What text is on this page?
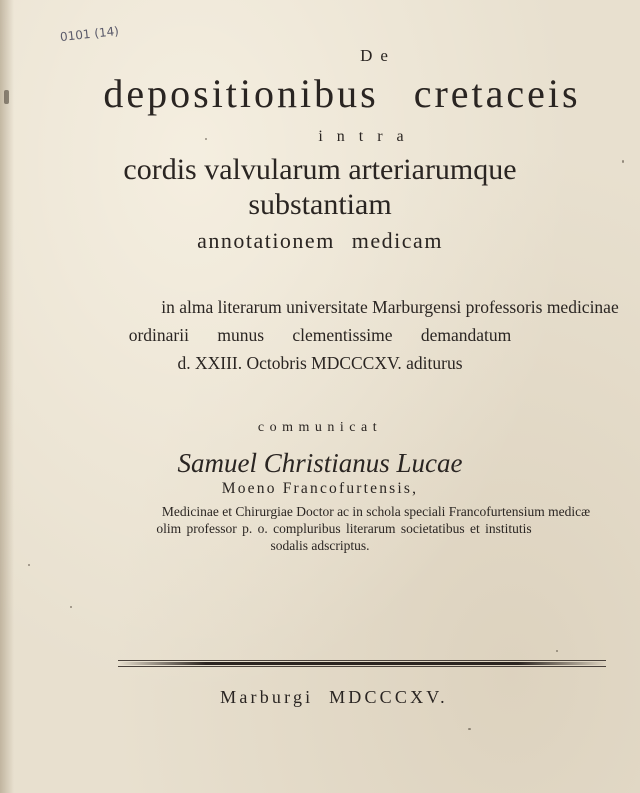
0101 (14)
De
depositionibus cretaceis
intra
cordis valvularum arteriarumque
substantiam
annotationem medicam
in alma literarum universitate Marburgensi professoris medicinae
ordinarii munus clementissime demandatum
d. XXIII. Octobris MDCCCXV. aditurus
communicat
Samuel Christianus Lucae
Moeno Francofurtensis,
Medicinae et Chirurgiae Doctor ac in schola speciali Francofurtensium medicæ
olim professor p. o. compluribus literarum societatibus et institutis
sodalis adscriptus.
Marburgi MDCCCXV.
